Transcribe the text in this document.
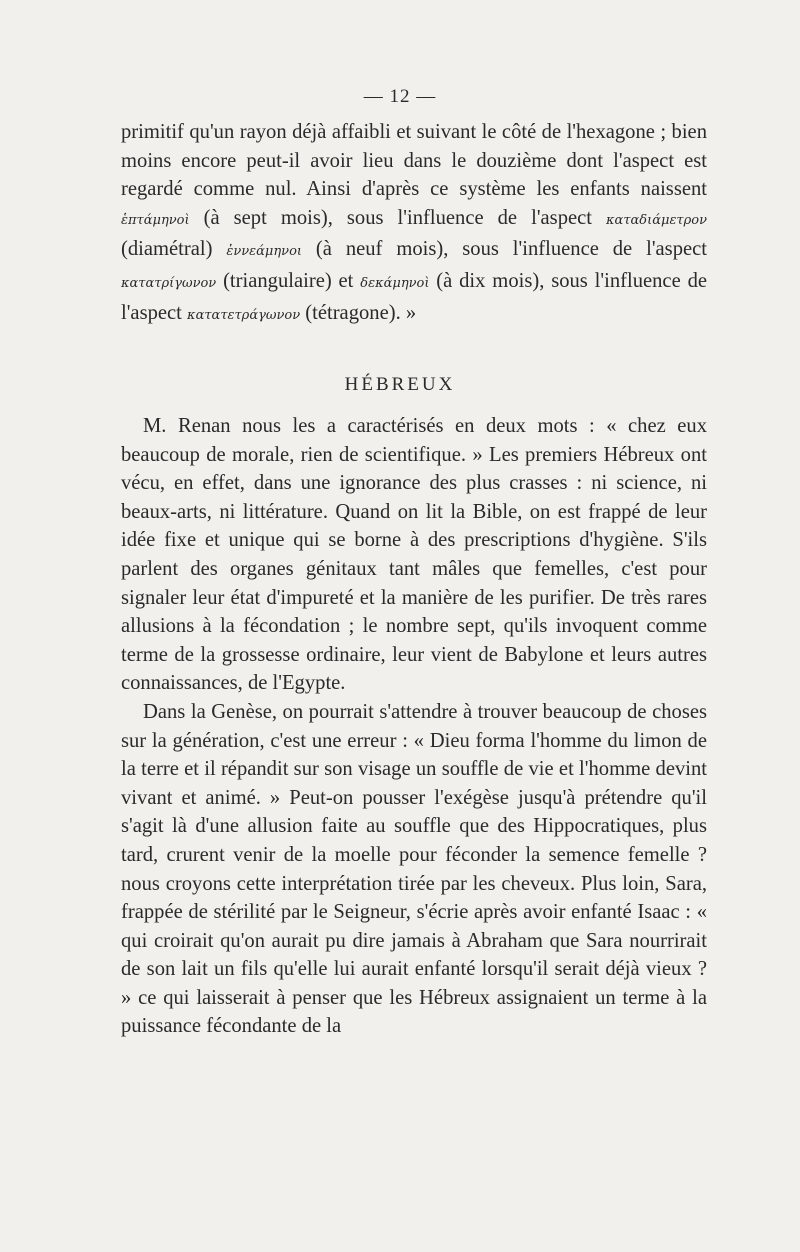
— 12 —

primitif qu'un rayon déjà affaibli et suivant le côté de l'hexagone ; bien moins encore peut-il avoir lieu dans le douzième dont l'aspect est regardé comme nul. Ainsi d'après ce système les enfants naissent ἑπτάμηνοὶ (à sept mois), sous l'influence de l'aspect καταδιάμετρον (diamétral) ἐννεάμηνοι (à neuf mois), sous l'influence de l'aspect κατατρίγωνον (triangulaire) et δεκάμηνοὶ (à dix mois), sous l'influence de l'aspect κατατετράγωνον (tétragone). »

HÉBREUX

M. Renan nous les a caractérisés en deux mots : « chez eux beaucoup de morale, rien de scientifique. » Les premiers Hébreux ont vécu, en effet, dans une ignorance des plus crasses : ni science, ni beaux-arts, ni littérature. Quand on lit la Bible, on est frappé de leur idée fixe et unique qui se borne à des prescriptions d'hygiène. S'ils parlent des organes génitaux tant mâles que femelles, c'est pour signaler leur état d'impureté et la manière de les purifier. De très rares allusions à la fécondation ; le nombre sept, qu'ils invoquent comme terme de la grossesse ordinaire, leur vient de Babylone et leurs autres connaissances, de l'Egypte.

Dans la Genèse, on pourrait s'attendre à trouver beaucoup de choses sur la génération, c'est une erreur : « Dieu forma l'homme du limon de la terre et il répandit sur son visage un souffle de vie et l'homme devint vivant et animé. » Peut-on pousser l'exégèse jusqu'à prétendre qu'il s'agit là d'une allusion faite au souffle que des Hippocratiques, plus tard, crurent venir de la moelle pour féconder la semence femelle ? nous croyons cette interprétation tirée par les cheveux. Plus loin, Sara, frappée de stérilité par le Seigneur, s'écrie après avoir enfanté Isaac : « qui croirait qu'on aurait pu dire jamais à Abraham que Sara nourrirait de son lait un fils qu'elle lui aurait enfanté lorsqu'il serait déjà vieux ? » ce qui laisserait à penser que les Hébreux assignaient un terme à la puissance fécondante de la
